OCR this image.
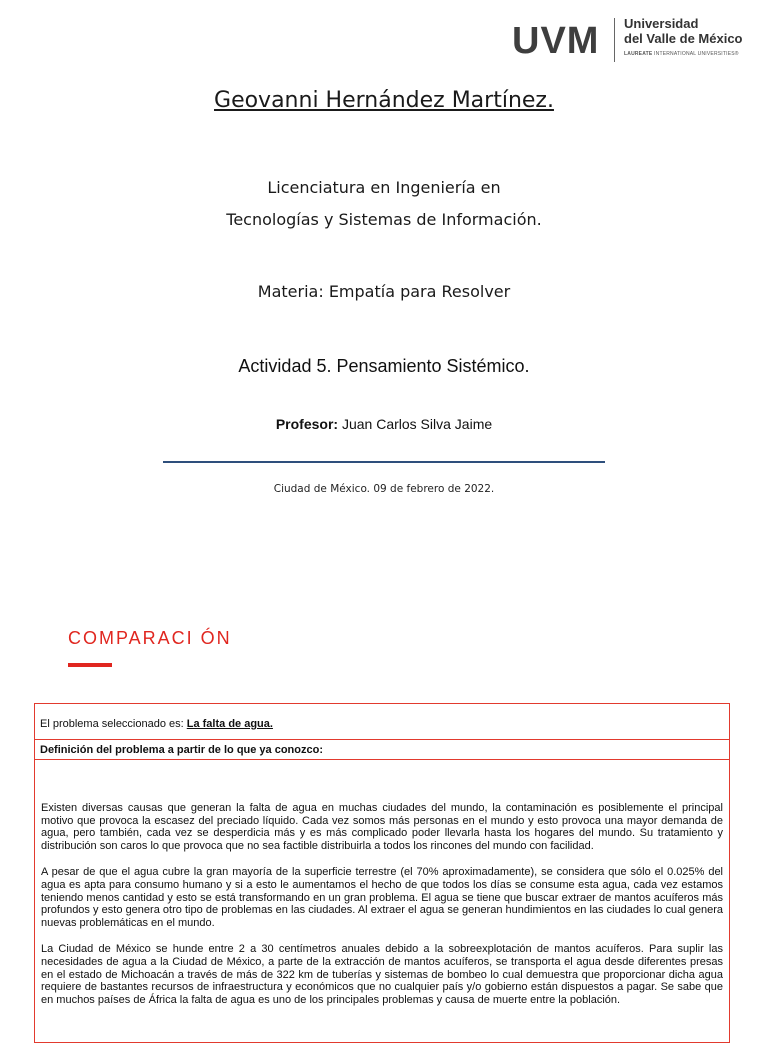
UVM Universidad
del Valle de México
LAUREATE INTERNATIONAL UNIVERSITIES®
Geovanni Hernández Martínez.
Licenciatura en Ingeniería en
Tecnologías y Sistemas de Información.
Materia: Empatía para Resolver
Actividad 5. Pensamiento Sistémico.
Profesor: Juan Carlos Silva Jaime
Ciudad de México. 09 de febrero de 2022.
COMPARACI ÓN
El problema seleccionado es: La falta de agua.
Definición del problema a partir de lo que ya conozco:

Existen diversas causas que generan la falta de agua en muchas ciudades del mundo, la contaminación es posiblemente el principal motivo que provoca la escasez del preciado líquido. Cada vez somos más personas en el mundo y esto provoca una mayor demanda de agua, pero también, cada vez se desperdicia más y es más complicado poder llevarla hasta los hogares del mundo. Su tratamiento y distribución son caros lo que provoca que no sea factible distribuirla a todos los rincones del mundo con facilidad.

A pesar de que el agua cubre la gran mayoría de la superficie terrestre (el 70% aproximadamente), se considera que sólo el 0.025% del agua es apta para consumo humano y si a esto le aumentamos el hecho de que todos los días se consume esta agua, cada vez estamos teniendo menos cantidad y esto se está transformando en un gran problema. El agua se tiene que buscar extraer de mantos acuíferos más profundos y esto genera otro tipo de problemas en las ciudades. Al extraer el agua se generan hundimientos en las ciudades lo cual genera nuevas problemáticas en el mundo.

La Ciudad de México se hunde entre 2 a 30 centímetros anuales debido a la sobreexplotación de mantos acuíferos. Para suplir las necesidades de agua a la Ciudad de México, a parte de la extracción de mantos acuíferos, se transporta el agua desde diferentes presas en el estado de Michoacán a través de más de 322 km de tuberías y sistemas de bombeo lo cual demuestra que proporcionar dicha agua requiere de bastantes recursos de infraestructura y económicos que no cualquier país y/o gobierno están dispuestos a pagar. Se sabe que en muchos países de África la falta de agua es uno de los principales problemas y causa de muerte entre la población.
